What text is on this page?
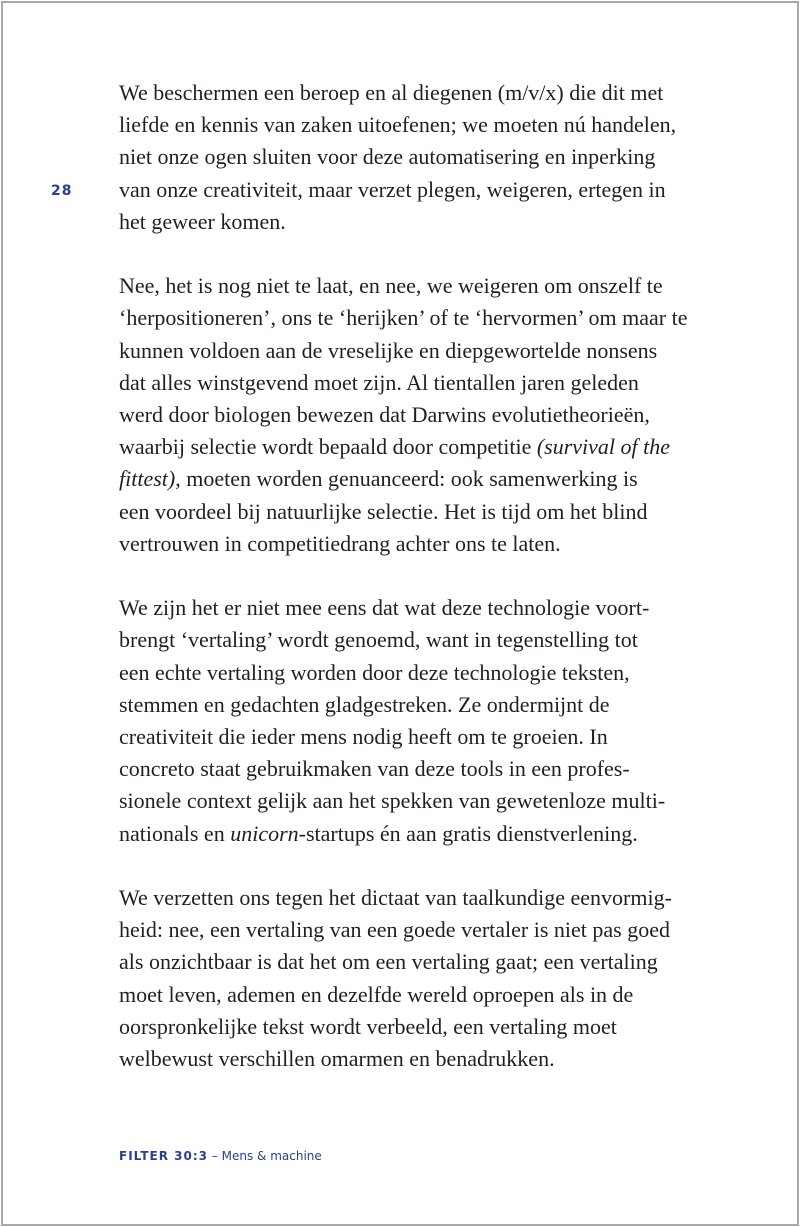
28

We beschermen een beroep en al diegenen (m/v/x) die dit met
liefde en kennis van zaken uitoefenen; we moeten nú handelen,
niet onze ogen sluiten voor deze automatisering en inperking
van onze creativiteit, maar verzet plegen, weigeren, ertegen in
het geweer komen.

Nee, het is nog niet te laat, en nee, we weigeren om onszelf te
‘herpositioneren’, ons te ‘herijken’ of te ‘hervormen’ om maar te
kunnen voldoen aan de vreselijke en diepgewortelde nonsens
dat alles winstgevend moet zijn. Al tientallen jaren geleden
werd door biologen bewezen dat Darwins evolutietheorieën,
waarbij selectie wordt bepaald door competitie (survival of the
fittest), moeten worden genuanceerd: ook samenwerking is
een voordeel bij natuurlijke selectie. Het is tijd om het blind
vertrouwen in competitiedrang achter ons te laten.

We zijn het er niet mee eens dat wat deze technologie voort-
brengt ‘vertaling’ wordt genoemd, want in tegenstelling tot
een echte vertaling worden door deze technologie teksten,
stemmen en gedachten gladgestreken. Ze ondermijnt de
creativiteit die ieder mens nodig heeft om te groeien. In
concreto staat gebruikmaken van deze tools in een profes-
sionele context gelijk aan het spekken van gewetenloze multi-
nationals en unicorn-startups én aan gratis dienstverlening.

We verzetten ons tegen het dictaat van taalkundige eenvormig-
heid: nee, een vertaling van een goede vertaler is niet pas goed
als onzichtbaar is dat het om een vertaling gaat; een vertaling
moet leven, ademen en dezelfde wereld oproepen als in de
oorspronkelijke tekst wordt verbeeld, een vertaling moet
welbewust verschillen omarmen en benadrukken.

FILTER 30:3 – Mens & machine
